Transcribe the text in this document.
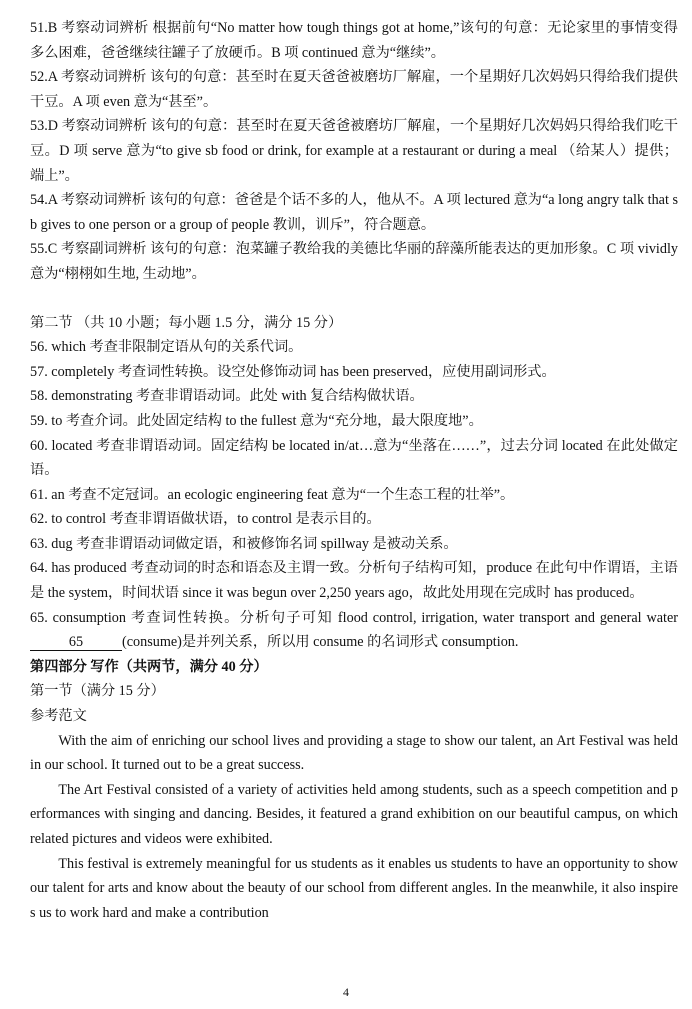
51.B 考察动词辨析 根据前句“No matter how tough things got at home,”该句的句意：无论家里的事情变得多么困难，爸爸继续往罐子了放硬币。B 项 continued 意为“继续”。

52.A 考察动词辨析 该句的句意：甚至时在夏天爸爸被磨坊厂解雇，一个星期好几次妈妈只得给我们提供干豆。A 项 even 意为“甚至”。

53.D 考察动词辨析 该句的句意：甚至时在夏天爸爸被磨坊厂解雇，一个星期好几次妈妈只得给我们吃干豆。D 项 serve 意为“to give sb food or drink, for example at a restaurant or during a meal （给某人）提供；端上”。

54.A 考察动词辨析 该句的句意：爸爸是个话不多的人，他从不。A 项 lectured 意为“a long angry talk that sb gives to one person or a group of people 教训，训斥”，符合题意。

55.C 考察副词辨析 该句的句意：泡菜罐子教给我的美德比华丽的辞藻所能表达的更加形象。C 项 vividly 意为“栩栩如生地, 生动地”。

第二节 （共 10 小题；每小题 1.5 分，满分 15 分）

56. which 考查非限制定语从句的关系代词。

57. completely 考查词性转换。设空处修饰动词 has been preserved，应使用副词形式。

58. demonstrating 考查非谓语动词。此处 with 复合结构做状语。

59. to 考查介词。此处固定结构 to the fullest 意为“充分地，最大限度地”。

60. located 考查非谓语动词。固定结构 be located in/at…意为“坐落在……”，过去分词 located 在此处做定语。

61. an 考查不定冠词。an ecologic engineering feat 意为“一个生态工程的壮举”。

62. to control 考查非谓语做状语，to control 是表示目的。

63. dug 考查非谓语动词做定语，和被修饰名词 spillway 是被动关系。

64. has produced 考查动词的时态和语态及主谓一致。分析句子结构可知，produce 在此句中作谓语，主语是 the system，时间状语 since it was begun over 2,250 years ago，故此处用现在完成时 has produced。

65. consumption 考查词性转换。分析句子可知 flood control, irrigation, water transport and general water 65	(consume)是并列关系，所以用 consume 的名词形式 consumption.

第四部分 写作（共两节，满分 40 分）

第一节（满分 15 分）

参考范文

With the aim of enriching our school lives and providing a stage to show our talent, an Art Festival was held in our school. It turned out to be a great success.

The Art Festival consisted of a variety of activities held among students, such as a speech competition and performances with singing and dancing. Besides, it featured a grand exhibition on our beautiful campus, on which related pictures and videos were exhibited.

This festival is extremely meaningful for us students as it enables us students to have an opportunity to show our talent for arts and know about the beauty of our school from different angles. In the meanwhile, it also inspires us to work hard and make a contribution

4
